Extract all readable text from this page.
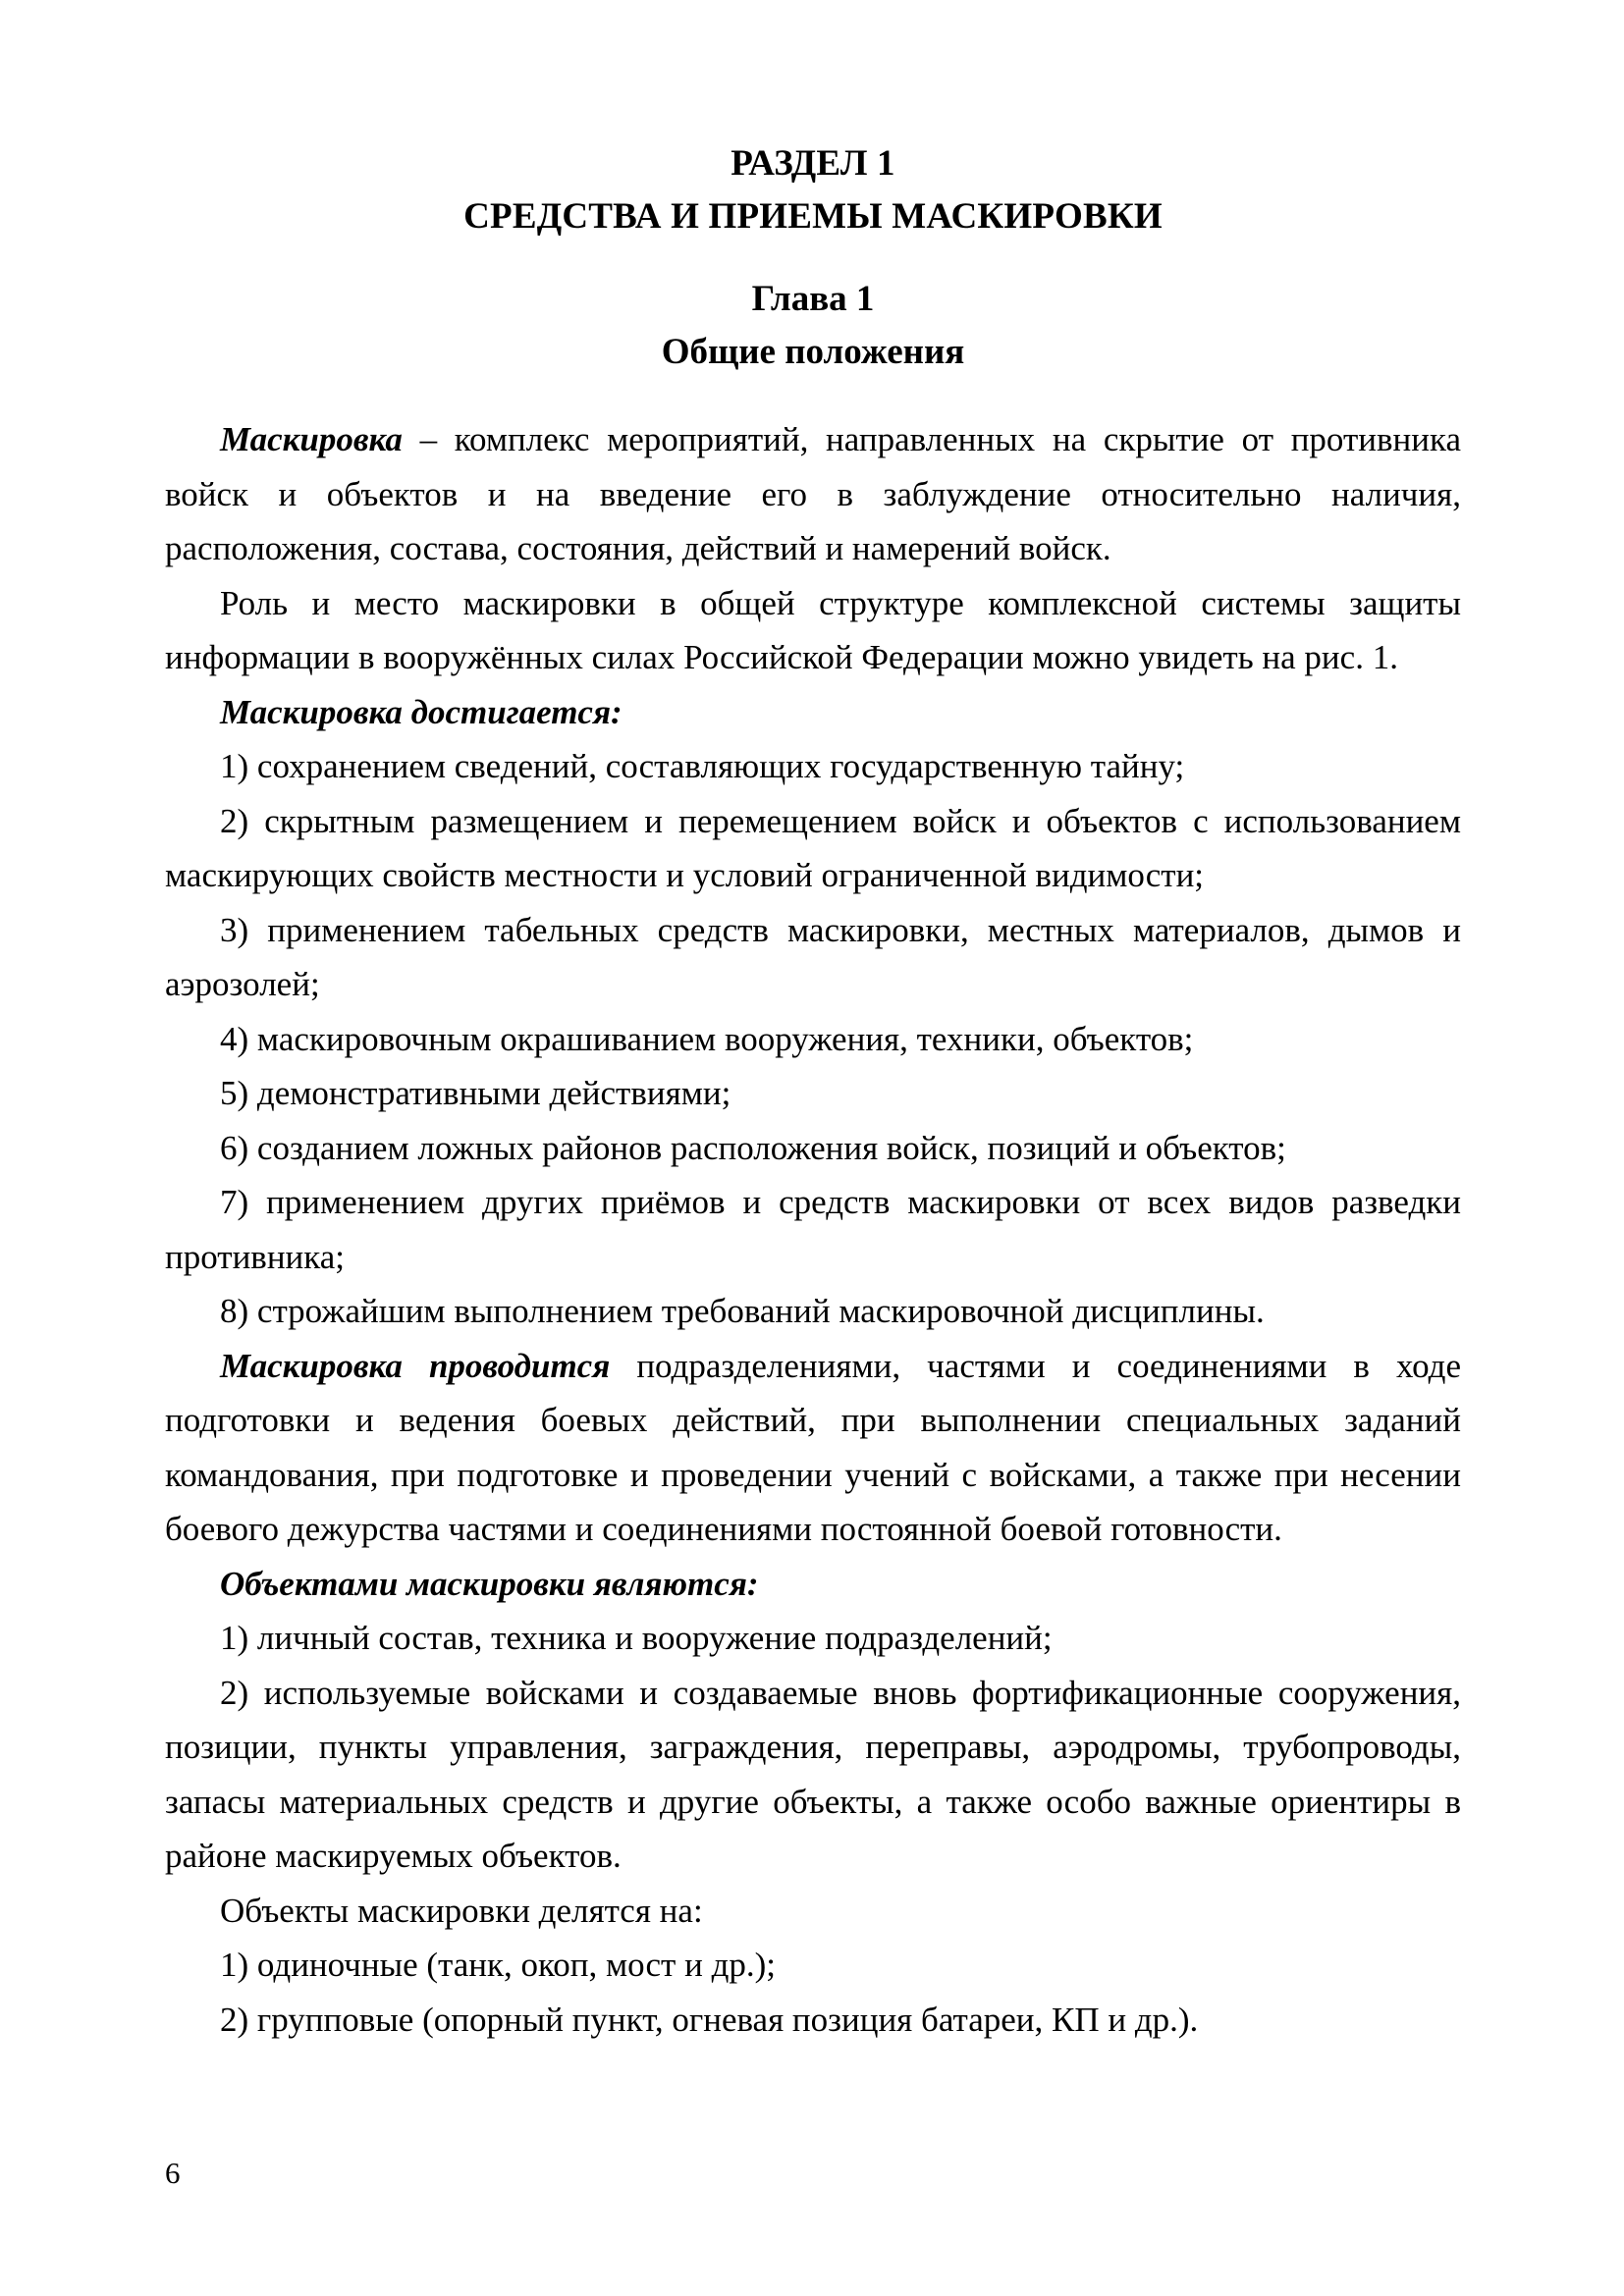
РАЗДЕЛ 1
СРЕДСТВА И ПРИЕМЫ МАСКИРОВКИ
Глава 1
Общие положения

Маскировка – комплекс мероприятий, направленных на скрытие от противника войск и объектов и на введение его в заблуждение относительно наличия, расположения, состава, состояния, действий и намерений войск.

Роль и место маскировки в общей структуре комплексной системы защиты информации в вооружённых силах Российской Федерации можно увидеть на рис. 1.

Маскировка достигается:

1) сохранением сведений, составляющих государственную тайну;

2) скрытным размещением и перемещением войск и объектов с использованием маскирующих свойств местности и условий ограниченной видимости;

3) применением табельных средств маскировки, местных материалов, дымов и аэрозолей;

4) маскировочным окрашиванием вооружения, техники, объектов;

5) демонстративными действиями;

6) созданием ложных районов расположения войск, позиций и объектов;

7) применением других приёмов и средств маскировки от всех видов разведки противника;

8) строжайшим выполнением требований маскировочной дисциплины.

Маскировка проводится подразделениями, частями и соединениями в ходе подготовки и ведения боевых действий, при выполнении специальных заданий командования, при подготовке и проведении учений с войсками, а также при несении боевого дежурства частями и соединениями постоянной боевой готовности.

Объектами маскировки являются:

1) личный состав, техника и вооружение подразделений;

2) используемые войсками и создаваемые вновь фортификационные сооружения, позиции, пункты управления, заграждения, переправы, аэродромы, трубопроводы, запасы материальных средств и другие объекты, а также особо важные ориентиры в районе маскируемых объектов.

Объекты маскировки делятся на:

1) одиночные (танк, окоп, мост и др.);

2) групповые (опорный пункт, огневая позиция батареи, КП и др.).

6
